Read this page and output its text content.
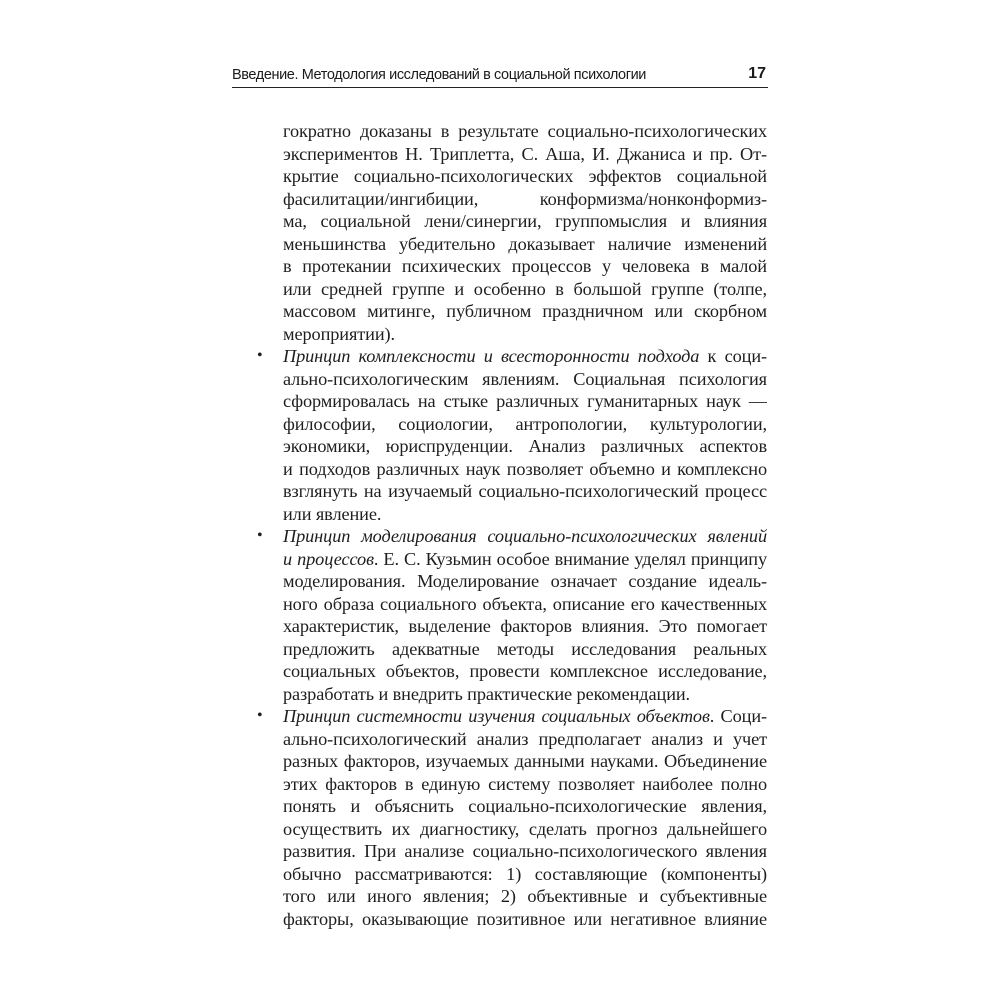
Введение. Методология исследований в социальной психологии	17
гократно доказаны в результате социально-психологических
экспериментов Н. Триплетта, С. Аша, И. Джаниса и пр. От-
крытие социально-психологических эффектов социальной
фасилитации/ингибиции, конформизма/нонконформиз-
ма, социальной лени/синергии, группомыслия и влияния
меньшинства убедительно доказывает наличие изменений
в протекании психических процессов у человека в малой
или средней группе и особенно в большой группе (толпе,
массовом митинге, публичном праздничном или скорбном
мероприятии).
•	Принцип комплексности и всесторонности подхода к соци-
ально-психологическим явлениям. Социальная психология
сформировалась на стыке различных гуманитарных наук —
философии, социологии, антропологии, культурологии,
экономики, юриспруденции. Анализ различных аспектов
и подходов различных наук позволяет объемно и комплексно
взглянуть на изучаемый социально-психологический процесс
или явление.
•	Принцип моделирования социально-психологических явлений
и процессов. Е. С. Кузьмин особое внимание уделял принципу
моделирования. Моделирование означает создание идеаль-
ного образа социального объекта, описание его качественных
характеристик, выделение факторов влияния. Это помогает
предложить адекватные методы исследования реальных
социальных объектов, провести комплексное исследование,
разработать и внедрить практические рекомендации.
•	Принцип системности изучения социальных объектов. Соци-
ально-психологический анализ предполагает анализ и учет
разных факторов, изучаемых данными науками. Объединение
этих факторов в единую систему позволяет наиболее полно
понять и объяснить социально-психологические явления,
осуществить их диагностику, сделать прогноз дальнейшего
развития. При анализе социально-психологического явления
обычно рассматриваются: 1) составляющие (компоненты)
того или иного явления; 2) объективные и субъективные
факторы, оказывающие позитивное или негативное влияние
